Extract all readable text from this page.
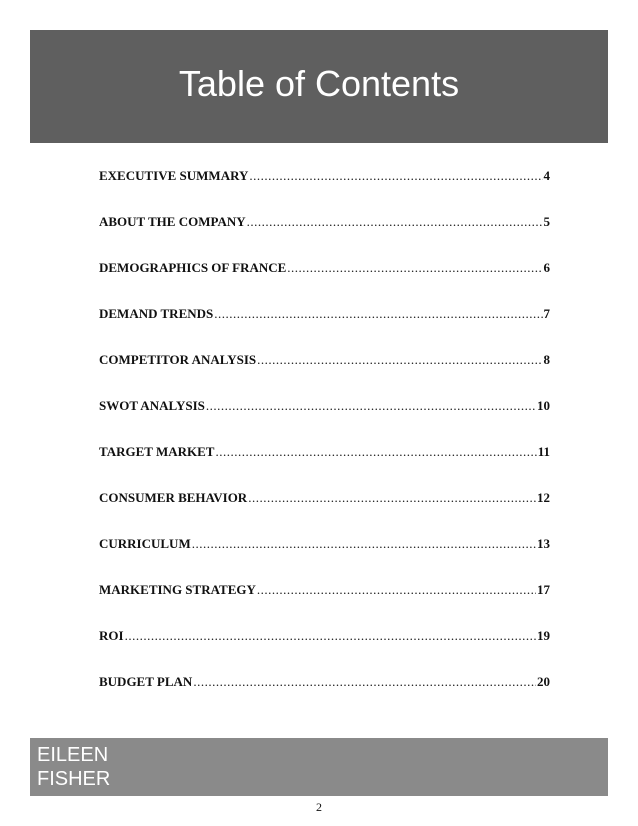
Table of Contents
EXECUTIVE SUMMARY .....	4
ABOUT THE COMPANY .....	5
DEMOGRAPHICS OF FRANCE .....	6
DEMAND TRENDS .....	7
COMPETITOR ANALYSIS .....	8
SWOT ANALYSIS .....	10
TARGET MARKET .....	11
CONSUMER BEHAVIOR .....	12
CURRICULUM .....	13
MARKETING STRATEGY .....	17
ROI .....	19
BUDGET PLAN .....	20
EILEEN
FISHER
2
